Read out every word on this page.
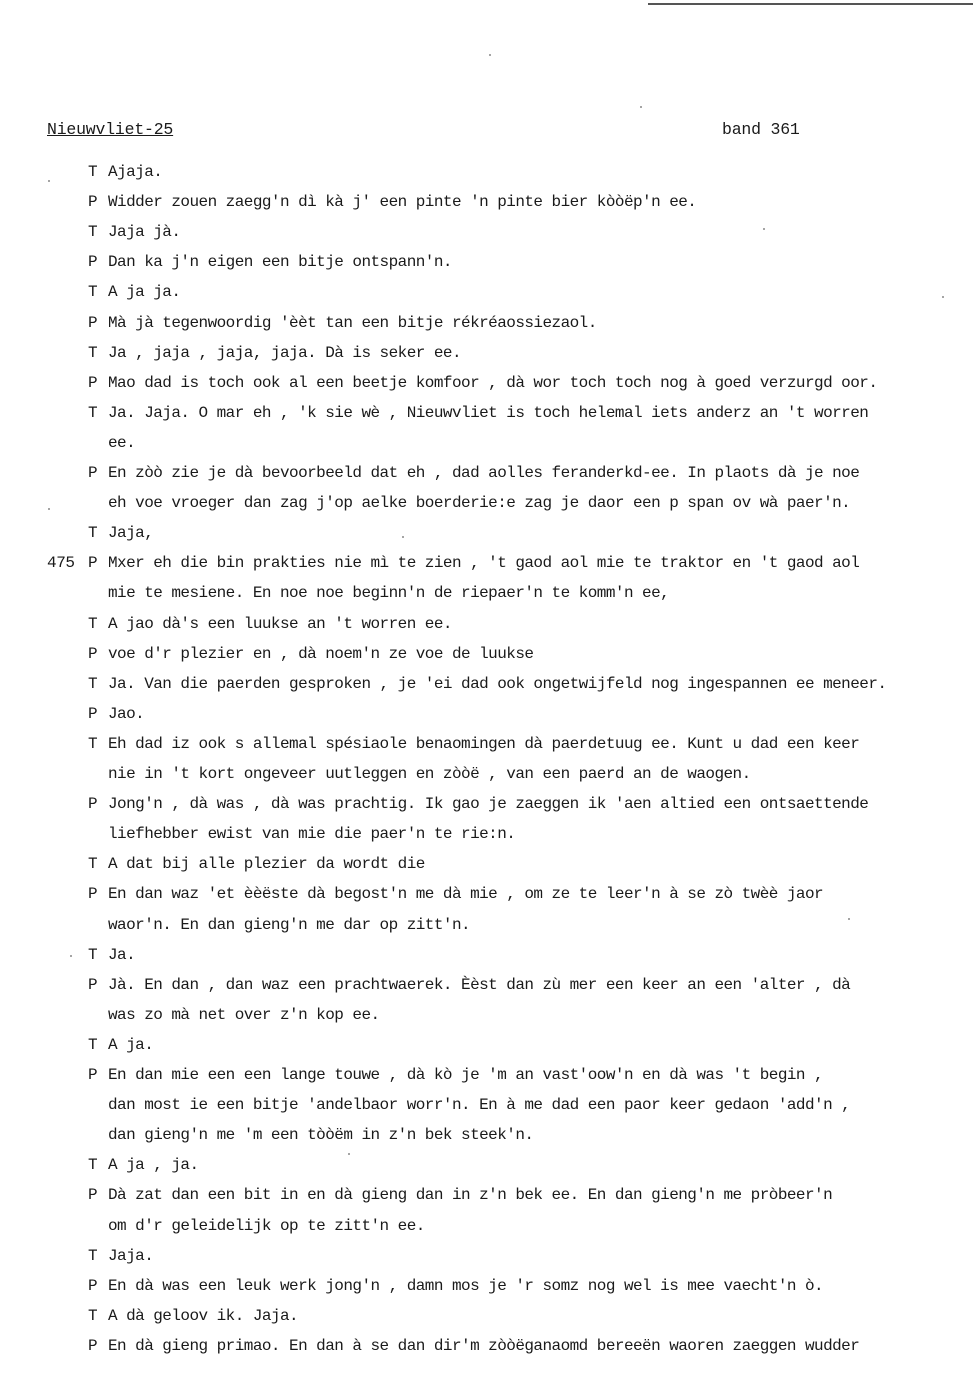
Nieuwvliet-25	band 361
T Ajaja.
P Widder zouen zaegg'n dì kà j' een pinte 'n pinte bier kòòëp'n ee.
T Jaja jà.
P Dan ka j'n eigen een bitje ontspann'n.
T A ja ja.
P Mà jà tegenwoordig 'èèt tan een bitje rékréaossiezaol.
T Ja , jaja , jaja, jaja. Dà is seker ee.
P Mao dad is toch ook al een beetje komfoor , dà wor toch toch nog à goed verzurgd oor.
T Ja. Jaja. O mar eh , 'k sie wè , Nieuwvliet is toch helemal iets anderz an 't worren
ee.
P En zòò zie je dà bevoorbeeld dat eh , dad aolles feranderkd-ee. In plaots dà je noe
eh voe vroeger dan zag j'op aelke boerderie:e zag je daor een p span ov wà paer'n.
T Jaja,
P
475 Mxer eh die bin prakties nie mì te zien , 't gaod aol mie te traktor en 't gaod aol
mie te mesiene. En noe noe beginn'n de riepaer'n te komm'n ee,
T A jao dà's een luukse an 't worren ee.
P voe d'r plezier en , dà noem'n ze voe de luukse
T Ja. Van die paerden gesproken , je 'ei dad ook ongetwijfeld nog ingespannen ee meneer.
P Jao.
T Eh dad iz ook s allemal spésiaole benaomingen dà paerdetuug ee. Kunt u dad een keer
nie in 't kort ongeveer uutleggen en zòòë , van een paerd an de waogen.
P Jong'n , dà was , dà was prachtig. Ik gao je zaeggen ik 'aen altied een ontsaettende
liefhebber ewist van mie die paer'n te rie:n.
T A dat bij alle plezier da wordt die
P En dan waz 'et èèëste dà begost'n me dà mie , om ze te leer'n à se zò twèè jaor
waor'n. En dan gieng'n me dar op zitt'n.
T Ja.
P Jà. En dan , dan waz een prachtwaerek. Èèst dan zù mer een keer an een 'alter , dà
was zo mà net over z'n kop ee.
T A ja.
P En dan mie een een lange touwe , dà kò je 'm an vast'oow'n en dà was 't begin ,
dan most ie een bitje 'andelbaor worr'n. En à me dad een paor keer gedaon 'add'n ,
dan gieng'n me 'm een tòòëm in z'n bek steek'n.
T A ja , ja.
P Dà zat dan een bit in en dà gieng dan in z'n bek ee. En dan gieng'n me pròbeer'n
om d'r geleidelijk op te zitt'n ee.
T Jaja.
P En dà was een leuk werk jong'n , damn mos je 'r somz nog wel is mee vaecht'n ò.
T A dà geloov ik. Jaja.
P En dà gieng primao. En dan à se dan dir'm zòòëganaomd bereeën waoren zaeggen wudder
